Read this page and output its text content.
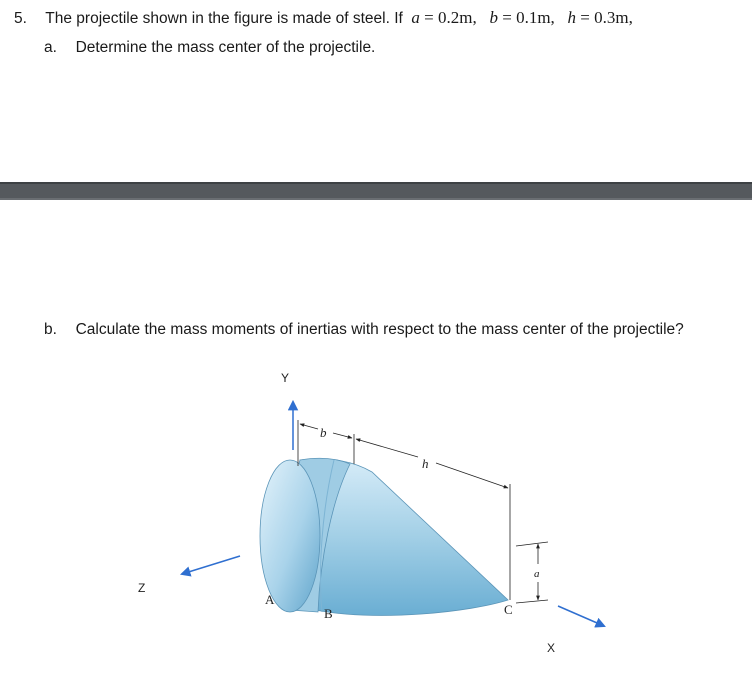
5. The projectile shown in the figure is made of steel. If a = 0.2m, b = 0.1m, h = 0.3m,
a. Determine the mass center of the projectile.
b. Calculate the mass moments of inertias with respect to the mass center of the projectile?
Y
Z
X
b
h
a
A
B	C
